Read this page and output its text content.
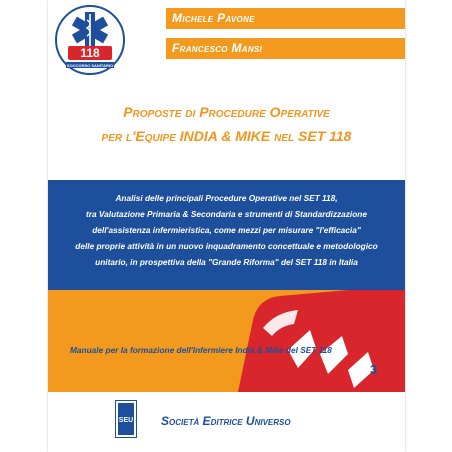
118
SOCCORSO SANITARIO
Michele Pavone
Francesco Mansi
Proposte di Procedure Operative
per l'Equipe INDIA & MIKE nel SET 118
Analisi delle principali Procedure Operative nel SET 118,
tra Valutazione Primaria & Secondaria e strumenti di Standardizzazione
dell'assistenza infermieristica, come mezzi per misurare "l'efficacia"
delle proprie attività in un nuovo inquadramento concettuale e metodologico
unitario, in prospettiva della "Grande Riforma" del SET 118 in Italia
Manuale per la formazione dell'Infermiere India & Mike del SET 118
3
SEU Società Editrice Universo
